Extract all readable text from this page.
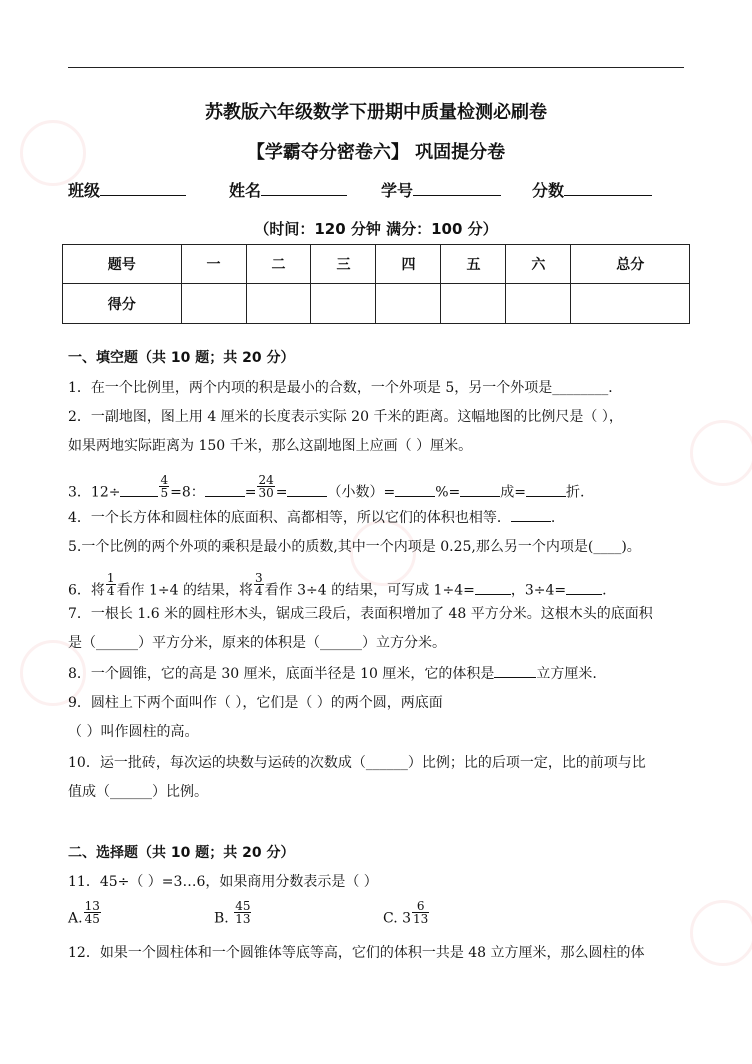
苏教版六年级数学下册期中质量检测必刷卷
【学霸夺分密卷六】 巩固提分卷
班级	姓名	学号	分数
（时间：120 分钟 满分：100 分）
题号	一	二	三	四	五	六	总分
得分							
一、填空题（共 10 题；共 20 分）
1．在一个比例里，两个内项的积是最小的合数，一个外项是 5，另一个外项是________．
2．一副地图，图上用 4 厘米的长度表示实际 20 千米的距离。这幅地图的比例尺是（ ），
如果两地实际距离为 150 千米，那么这副地图上应画（ ）厘米。
3．12÷	$\frac{4}{5} =8$：	= $\frac{24}{30}$ =	（小数）=	%=	成=	折.
4．一个长方体和圆柱体的底面积、高都相等，所以它们的体积也相等．	.
5.一个比例的两个外项的乘积是最小的质数,其中一个内项是 0.25,那么另一个内项是(____)。
6．将 $\frac{1}{4}$ 看作 1÷4 的结果，将 $\frac{3}{4}$ 看作 3÷4 的结果，可写成 1÷4=	，3÷4=	.
7．一根长 1.6 米的圆柱形木头，锯成三段后，表面积增加了 48 平方分米。这根木头的底面积
是（______）平方分米，原来的体积是（______）立方分米。
8．一个圆锥，它的高是 30 厘米，底面半径是 10 厘米，它的体积是	立方厘米.
9．圆柱上下两个面叫作（ ），它们是（ ）的两个圆，两底面
（ ）叫作圆柱的高。
10．运一批砖，每次运的块数与运砖的次数成（______）比例；比的后项一定，比的前项与比
值成（______）比例。
二、选择题（共 10 题；共 20 分）
11．45÷（ ）=3…6，如果商用分数表示是（ ）
A. $\frac{13}{45}$	B. $\frac{45}{13}$	C. $3 \frac{6}{13}$
12．如果一个圆柱体和一个圆锥体等底等高，它们的体积一共是 48 立方厘米，那么圆柱的体
